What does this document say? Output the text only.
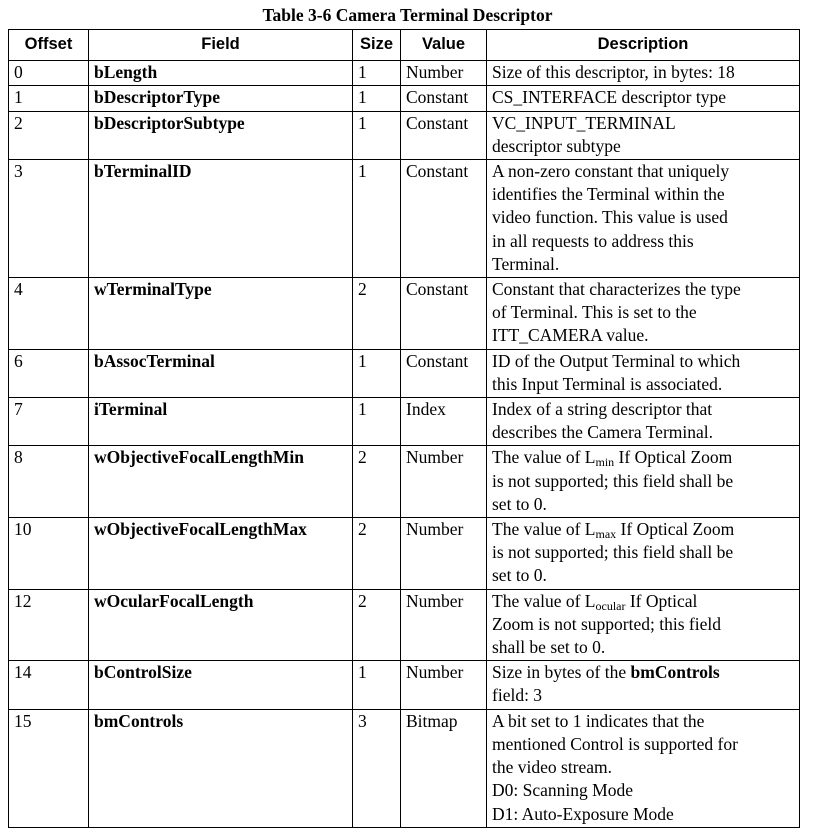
Table 3-6 Camera Terminal Descriptor
Offset	Field	Size	Value	Description
0	bLength	1	Number	Size of this descriptor, in bytes: 18

1	bDescriptorType	1	Constant	CS_INTERFACE descriptor type

2	bDescriptorSubtype	1	Constant	VC_INPUT_TERMINAL
descriptor subtype

3	bTerminalID	1	Constant	A non-zero constant that uniquely
identifies the Terminal within the
video function. This value is used
in all requests to address this
Terminal.

4	wTerminalType	2	Constant	Constant that characterizes the type
of Terminal. This is set to the
ITT_CAMERA value.

6	bAssocTerminal	1	Constant	ID of the Output Terminal to which
this Input Terminal is associated.

7	iTerminal	1	Index	Index of a string descriptor that
describes the Camera Terminal.

8	wObjectiveFocalLengthMin	2	Number	The value of $L_{min}$ If Optical Zoom
is not supported; this field shall be
set to 0.

10	wObjectiveFocalLengthMax	2	Number	The value of $L_{max}$ If Optical Zoom
is not supported; this field shall be
set to 0.

12	wOcularFocalLength	2	Number	The value of $L_{ocular}$ If Optical
Zoom is not supported; this field
shall be set to 0.

14	bControlSize	1	Number	Size in bytes of the bmControls
field: 3

15	bmControls	3	Bitmap	A bit set to 1 indicates that the
mentioned Control is supported for
the video stream.
D0: Scanning Mode
D1: Auto-Exposure Mode
